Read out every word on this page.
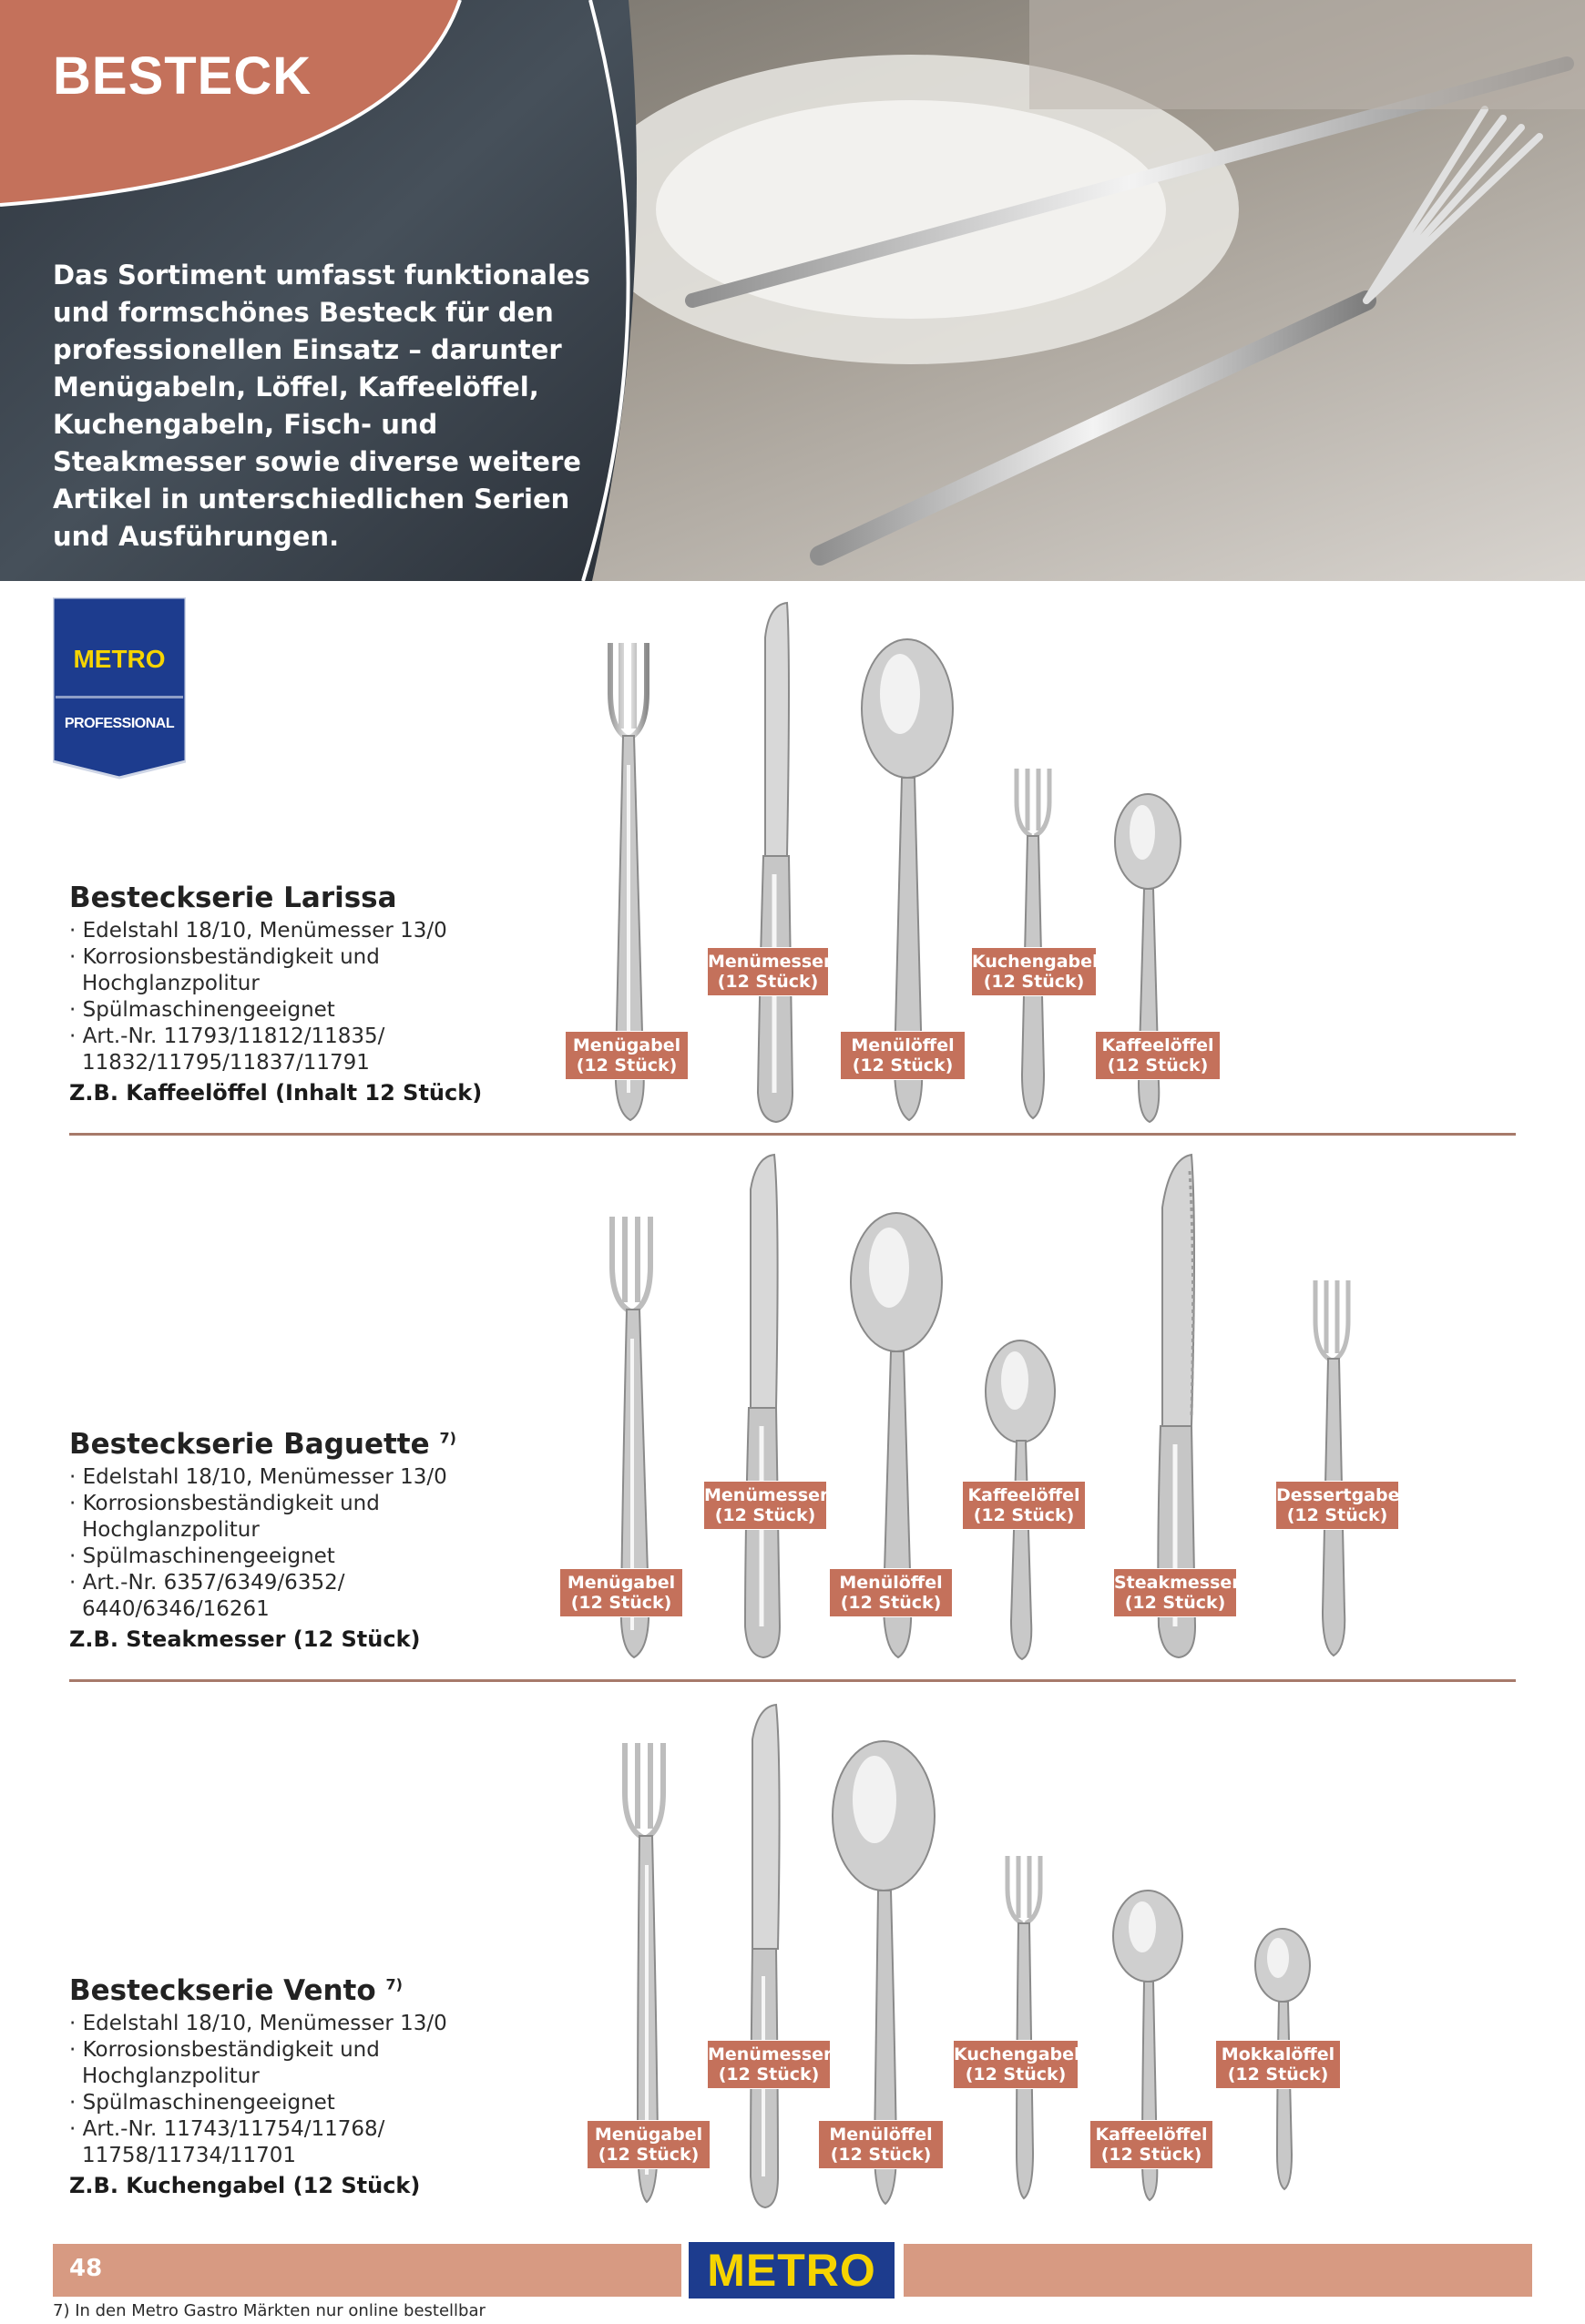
BESTECK

Das Sortiment umfasst funktionales und formschönes Besteck für den professionellen Einsatz – darunter Menügabeln, Löffel, Kaffeelöffel, Kuchengabeln, Fisch- und Steakmesser sowie diverse weitere Artikel in unterschiedlichen Serien und Ausführungen.

METRO
PROFESSIONAL

Besteckserie Larissa

· Edelstahl 18/10, Menümesser 13/0
· Korrosionsbeständigkeit und
Hochglanzpolitur
· Spülmaschinengeeignet
· Art.-Nr. 11793/11812/11835/
11832/11795/11837/11791
Z.B. Kaffeelöffel (Inhalt 12 Stück)
Menügabel
(12 Stück)
Menümesser
(12 Stück)
Menülöffel
(12 Stück)
Kuchengabel
(12 Stück)
Kaffeelöffel
(12 Stück)

Besteckserie Baguette $^{7)}$

· Edelstahl 18/10, Menümesser 13/0
· Korrosionsbeständigkeit und
Hochglanzpolitur
· Spülmaschinengeeignet
· Art.-Nr. 6357/6349/6352/
6440/6346/16261
Z.B. Steakmesser (12 Stück)
Menügabel
(12 Stück)
Menümesser
(12 Stück)
Menülöffel
(12 Stück)
Kaffeelöffel
(12 Stück)
Steakmesser
(12 Stück)
Dessertgabel
(12 Stück)

Besteckserie Vento $^{7)}$

· Edelstahl 18/10, Menümesser 13/0
· Korrosionsbeständigkeit und
Hochglanzpolitur
· Spülmaschinengeeignet
· Art.-Nr. 11743/11754/11768/
11758/11734/11701
Z.B. Kuchengabel (12 Stück)
Menügabel
(12 Stück)
Menümesser
(12 Stück)
Menülöffel
(12 Stück)
Kuchengabel
(12 Stück)
Kaffeelöffel
(12 Stück)
Mokkalöffel
(12 Stück)
48	METRO
7) In den Metro Gastro Märkten nur online bestellbar
